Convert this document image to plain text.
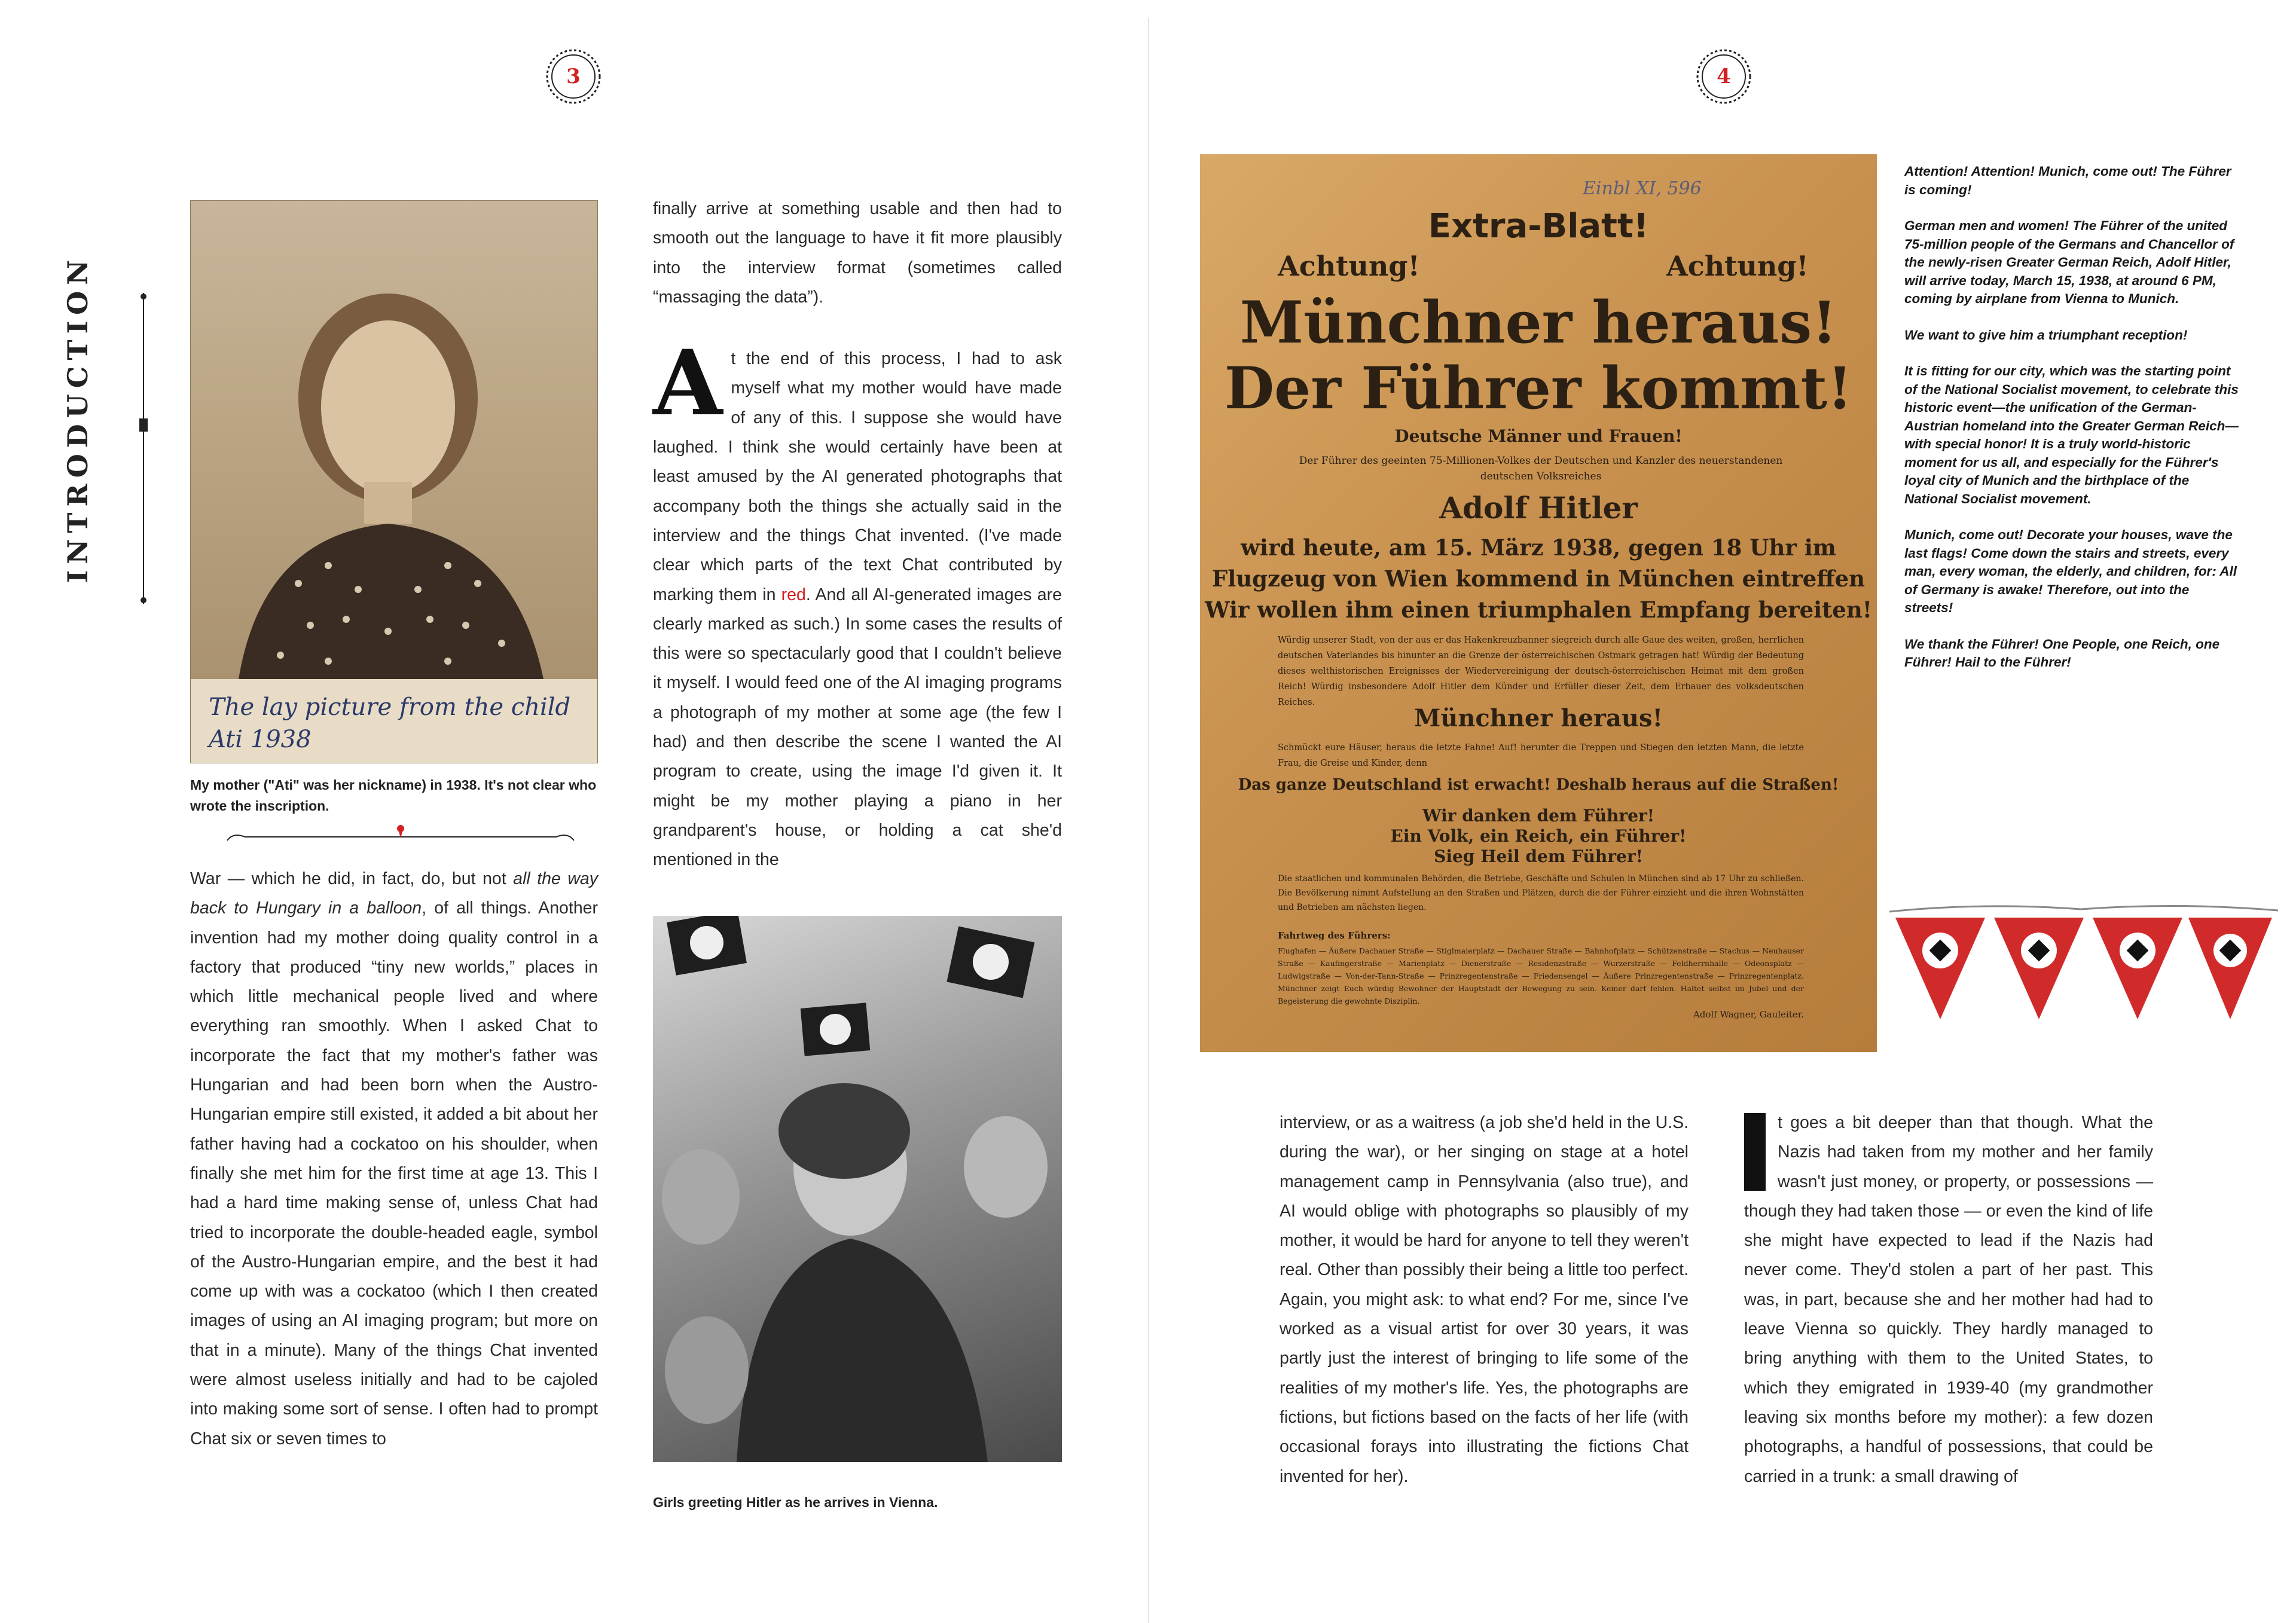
3
INTRODUCTION
The lay picture from the child Ati 1938
My mother ("Ati" was her nickname) in 1938. It's not clear who wrote the inscription.
War — which he did, in fact, do, but not all the way back to Hungary in a balloon, of all things. Another invention had my mother doing quality control in a factory that produced “tiny new worlds,” places in which little mechanical people lived and where everything ran smoothly. When I asked Chat to incorporate the fact that my mother's father was Hungarian and had been born when the Austro-Hungarian empire still existed, it added a bit about her father having had a cockatoo on his shoulder, when finally she met him for the first time at age 13. This I had a hard time making sense of, unless Chat had tried to incorporate the double-headed eagle, symbol of the Austro-Hungarian empire, and the best it had come up with was a cockatoo (which I then created images of using an AI imaging program; but more on that in a minute). Many of the things Chat invented were almost useless initially and had to be cajoled into making some sort of sense. I often had to prompt Chat six or seven times to

finally arrive at something usable and then had to smooth out the language to have it fit more plausibly into the interview format (sometimes called “massaging the data”).

At the end of this process, I had to ask myself what my mother would have made of any of this. I suppose she would have laughed. I think she would certainly have been at least amused by the AI generated photographs that accompany both the things she actually said in the interview and the things Chat invented. (I've made clear which parts of the text Chat contributed by marking them in red. And all AI-generated images are clearly marked as such.) In some cases the results of this were so spectacularly good that I couldn't believe it myself. I would feed one of the AI imaging programs a photograph of my mother at some age (the few I had) and then describe the scene I wanted the AI program to create, using the image I'd given it. It might be my mother playing a piano in her grandparent's house, or holding a cat she'd mentioned in the

Girls greeting Hitler as he arrives in Vienna.
4
Einbl XI, 596
Extra-Blatt!
Achtung!	Achtung!
Münchner heraus!
Der Führer kommt!
Deutsche Männer und Frauen!
Der Führer des geeinten 75-Millionen-Volkes der Deutschen und Kanzler des neuerstandenen deutschen Volksreiches
Adolf Hitler
wird heute, am 15. März 1938, gegen 18 Uhr im
Flugzeug von Wien kommend in München eintreffen
Wir wollen ihm einen triumphalen Empfang bereiten!
Würdig unserer Stadt, von der aus er das Hakenkreuzbanner siegreich durch alle Gaue des weiten, großen, herrlichen deutschen Vaterlandes bis hinunter an die Grenze der österreichischen Ostmark getragen hat! Würdig der Bedeutung dieses welthistorischen Ereignisses der Wiedervereinigung der deutsch-österreichischen Heimat mit dem großen Reich! Würdig insbesondere Adolf Hitler dem Künder und Erfüller dieser Zeit, dem Erbauer des volksdeutschen Reiches.
Münchner heraus!
Schmückt eure Häuser, heraus die letzte Fahne! Auf! herunter die Treppen und Stiegen den letzten Mann, die letzte Frau, die Greise und Kinder, denn
Das ganze Deutschland ist erwacht! Deshalb heraus auf die Straßen!
Wir danken dem Führer!
Ein Volk, ein Reich, ein Führer!
Sieg Heil dem Führer!
Die staatlichen und kommunalen Behörden, die Betriebe, Geschäfte und Schulen in München sind ab 17 Uhr zu schließen. Die Bevölkerung nimmt Aufstellung an den Straßen und Plätzen, durch die der Führer einzieht und die ihren Wohnstätten und Betrieben am nächsten liegen.
Fahrtweg des Führers:
Flughafen — Äußere Dachauer Straße — Stiglmaierplatz — Dachauer Straße — Bahnhofplatz — Schützenstraße — Stachus — Neuhauser Straße — Kaufingerstraße — Marienplatz — Dienerstraße — Residenzstraße — Wurzerstraße — Feldherrnhalle — Odeonsplatz — Ludwigstraße — Von-der-Tann-Straße — Prinzregentenstraße — Friedensengel — Äußere Prinzregentenstraße — Prinzregentenplatz. Münchner zeigt Euch würdig Bewohner der Hauptstadt der Bewegung zu sein. Keiner darf fehlen. Haltet selbst im Jubel und der Begeisterung die gewohnte Disziplin.
Adolf Wagner, Gauleiter.

Attention! Attention! Munich, come out! The Führer is coming!

German men and women! The Führer of the united 75-million people of the Germans and Chancellor of the newly-risen Greater German Reich, Adolf Hitler, will arrive today, March 15, 1938, at around 6 PM, coming by airplane from Vienna to Munich.

We want to give him a triumphant reception!

It is fitting for our city, which was the starting point of the National Socialist movement, to celebrate this historic event—the unification of the German-Austrian homeland into the Greater German Reich—with special honor! It is a truly world-historic moment for us all, and especially for the Führer's loyal city of Munich and the birthplace of the National Socialist movement.

Munich, come out! Decorate your houses, wave the last flags! Come down the stairs and streets, every man, every woman, the elderly, and children, for: All of Germany is awake! Therefore, out into the streets!

We thank the Führer! One People, one Reich, one Führer! Hail to the Führer!

interview, or as a waitress (a job she'd held in the U.S. during the war), or her singing on stage at a hotel management camp in Pennsylvania (also true), and AI would oblige with photographs so plausibly of my mother, it would be hard for anyone to tell they weren't real. Other than possibly their being a little too perfect. Again, you might ask: to what end? For me, since I've worked as a visual artist for over 30 years, it was partly just the interest of bringing to life some of the realities of my mother's life. Yes, the photographs are fictions, but fictions based on the facts of her life (with occasional forays into illustrating the fictions Chat invented for her).
t goes a bit deeper than that though. What the Nazis had taken from my mother and her family wasn't just money, or property, or possessions — though they had taken those — or even the kind of life she might have expected to lead if the Nazis had never come. They'd stolen a part of her past. This was, in part, because she and her mother had had to leave Vienna so quickly. They hardly managed to bring anything with them to the United States, to which they emigrated in 1939-40 (my grandmother leaving six months before my mother): a few dozen photographs, a handful of possessions, that could be carried in a trunk: a small drawing of
